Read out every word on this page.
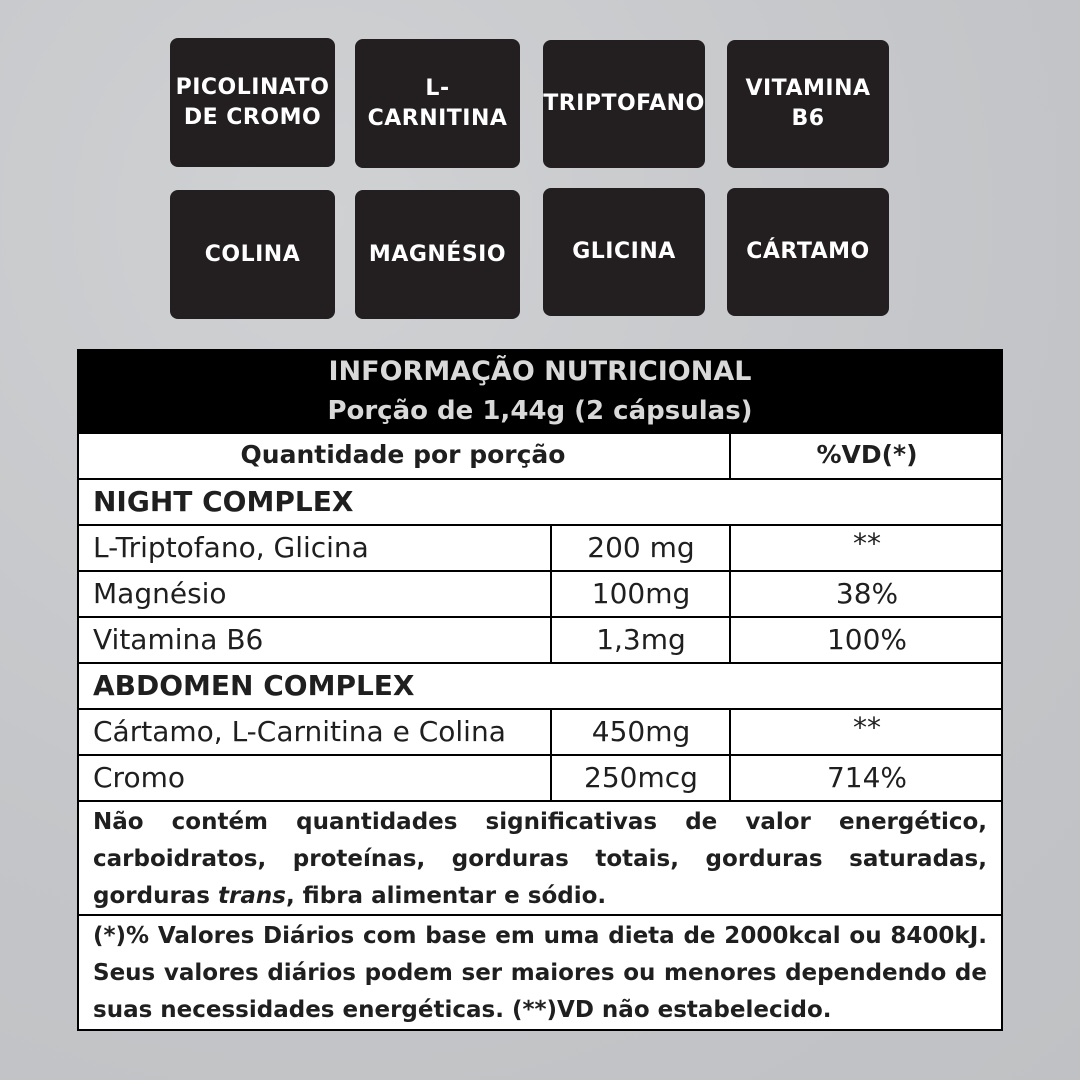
PICOLINATO
DE CROMO
L-CARNITINA
TRIPTOFANO
VITAMINA
B6
COLINA	MAGNÉSIO	GLICINA	CÁRTAMO
INFORMAÇÃO NUTRICIONAL
Porção de 1,44g (2 cápsulas)
Quantidade por porção	%VD(*)
NIGHT COMPLEX
L-Triptofano, Glicina	200 mg	**
Magnésio	100mg	38%
Vitamina B6	1,3mg	100%
ABDOMEN COMPLEX
Cártamo, L-Carnitina e Colina	450mg	**
Cromo	250mcg	714%
Não contém quantidades significativas de valor energético, carboidratos, proteínas, gorduras totais, gorduras saturadas, gorduras trans, fibra alimentar e sódio.
(*)% Valores Diários com base em uma dieta de 2000kcal ou 8400kJ. Seus valores diários podem ser maiores ou menores dependendo de suas necessidades energéticas. (**)VD não estabelecido.
